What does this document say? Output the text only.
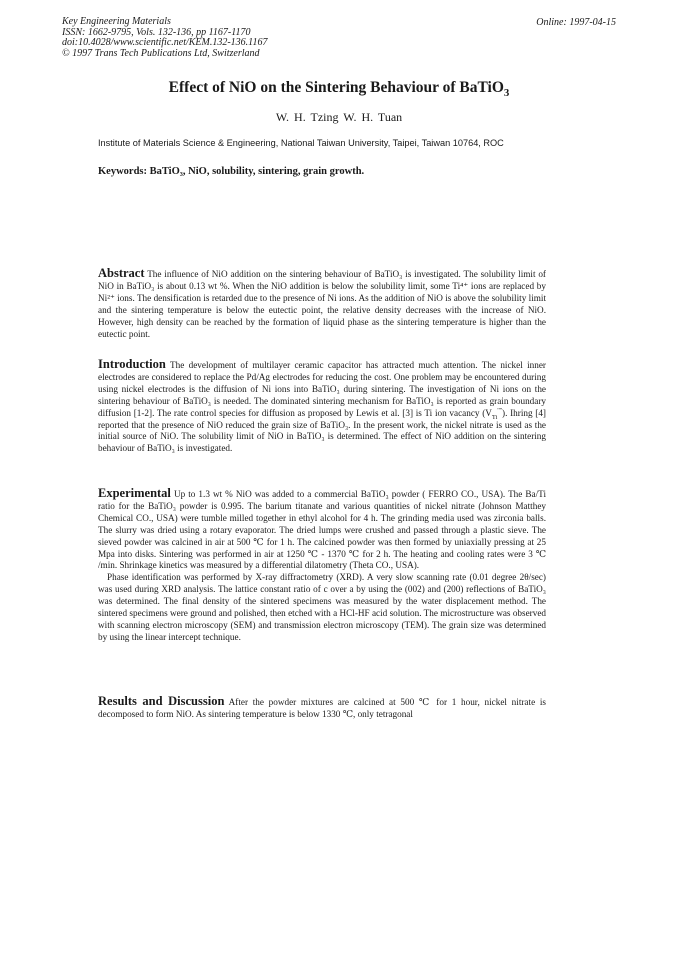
Key Engineering Materials
ISSN: 1662-9795, Vols. 132-136, pp 1167-1170
doi:10.4028/www.scientific.net/KEM.132-136.1167
© 1997 Trans Tech Publications Ltd, Switzerland
Online: 1997-04-15
Effect of NiO on the Sintering Behaviour of BaTiO$_3$
W. H. Tzing W. H. Tuan
Institute of Materials Science & Engineering, National Taiwan University, Taipei, Taiwan 10764, ROC
Keywords: BaTiO₃, NiO, solubility, sintering, grain growth.

Abstract The influence of NiO addition on the sintering behaviour of BaTiO₃ is investigated. The solubility limit of NiO in BaTiO₃ is about 0.13 wt %. When the NiO addition is below the solubility limit, some Ti⁴⁺ ions are replaced by Ni²⁺ ions. The densification is retarded due to the presence of Ni ions. As the addition of NiO is above the solubility limit and the sintering temperature is below the eutectic point, the relative density decreases with the increase of NiO. However, high density can be reached by the formation of liquid phase as the sintering temperature is higher than the eutectic point.

Introduction The development of multilayer ceramic capacitor has attracted much attention. The nickel inner electrodes are considered to replace the Pd/Ag electrodes for reducing the cost. One problem may be encountered during using nickel electrodes is the diffusion of Ni ions into BaTiO₃ during sintering. The investigation of Ni ions on the sintering behaviour of BaTiO₃ is needed. The dominated sintering mechanism for BaTiO₃ is reported as grain boundary diffusion [1-2]. The rate control species for diffusion as proposed by Lewis et al. [3] is Ti ion vacancy $(V_{Ti}'''')$. Ihring [4] reported that the presence of NiO reduced the grain size of BaTiO₃. In the present work, the nickel nitrate is used as the initial source of NiO. The solubility limit of NiO in BaTiO₃ is determined. The effect of NiO addition on the sintering behaviour of BaTiO₃ is investigated.

Experimental Up to 1.3 wt % NiO was added to a commercial BaTiO₃ powder ( FERRO CO., USA). The Ba/Ti ratio for the BaTiO₃ powder is 0.995. The barium titanate and various quantities of nickel nitrate (Johnson Matthey Chemical CO., USA) were tumble milled together in ethyl alcohol for 4 h. The grinding media used was zirconia balls. The slurry was dried using a rotary evaporator. The dried lumps were crushed and passed through a plastic sieve. The sieved powder was calcined in air at 500 ℃ for 1 h. The calcined powder was then formed by uniaxially pressing at 25 Mpa into disks. Sintering was performed in air at 1250 ℃ - 1370 ℃ for 2 h. The heating and cooling rates were 3 ℃ /min. Shrinkage kinetics was measured by a differential dilatometry (Theta CO., USA).

Phase identification was performed by X-ray diffractometry (XRD). A very slow scanning rate (0.01 degree 2θ/sec) was used during XRD analysis. The lattice constant ratio of c over a by using the (002) and (200) reflections of BaTiO₃ was determined. The final density of the sintered specimens was measured by the water displacement method. The sintered specimens were ground and polished, then etched with a HCl-HF acid solution. The microstructure was observed with scanning electron microscopy (SEM) and transmission electron microscopy (TEM). The grain size was determined by using the linear intercept technique.

Results and Discussion After the powder mixtures are calcined at 500 ℃ for 1 hour, nickel nitrate is decomposed to form NiO. As sintering temperature is below 1330 ℃, only tetragonal
